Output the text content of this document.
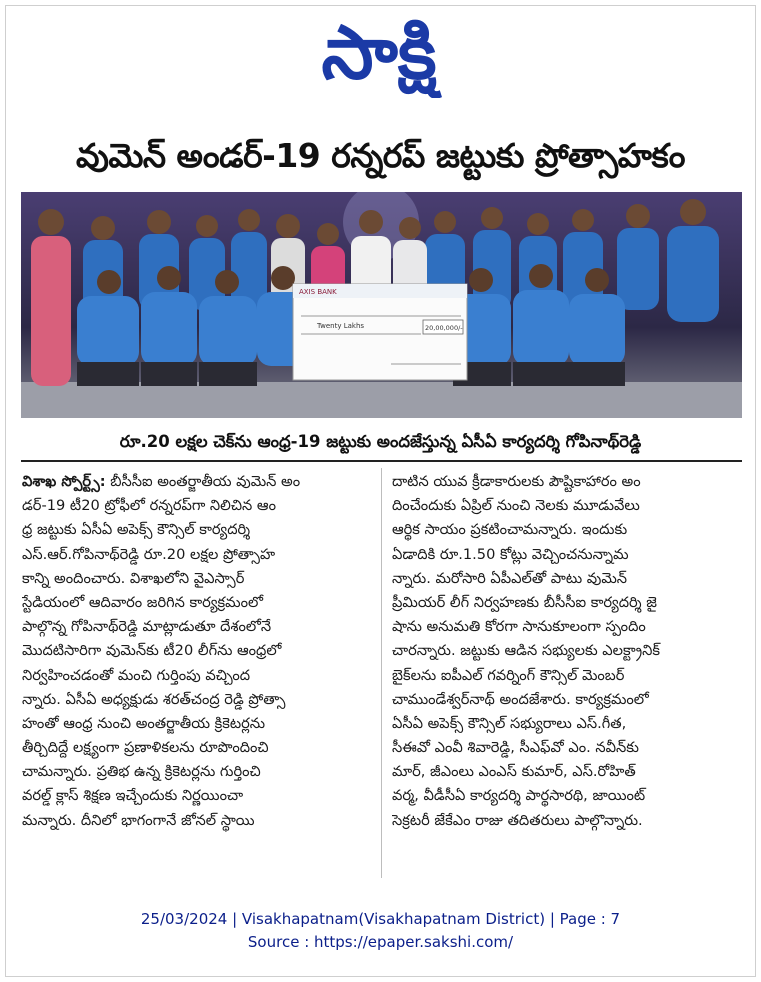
సాక్షి
వుమెన్ అండర్-19 రన్నరప్ జట్టుకు ప్రోత్సాహకం
AXIS BANK
Twenty Lakhs	20,00,000/-
రూ.20 లక్షల చెక్‌ను ఆంధ్ర-19 జట్టుకు అందజేస్తున్న ఏసీఏ కార్యదర్శి గోపినాథ్‌రెడ్డి
విశాఖ స్పోర్ట్స్: బీసీసీఐ అంతర్జాతీయ వుమెన్ అం
డర్-19 టీ20 ట్రోఫీలో రన్నరప్‌గా నిలిచిన ఆం
ధ్ర జట్టుకు ఏసీఏ అపెక్స్ కౌన్సిల్ కార్యదర్శి
ఎస్.ఆర్.గోపినాథ్‌రెడ్డి రూ.20 లక్షల ప్రోత్సాహ
కాన్ని అందించారు. విశాఖలోని వైఎస్సార్
స్టేడియంలో ఆదివారం జరిగిన కార్యక్రమంలో
పాల్గొన్న గోపినాథ్‌రెడ్డి మాట్లాడుతూ దేశంలోనే
మొదటిసారిగా వుమెన్‌కు టీ20 లీగ్‌ను ఆంధ్రలో
నిర్వహించడంతో మంచి గుర్తింపు వచ్చింద
న్నారు. ఏసీఏ అధ్యక్షుడు శరత్‌చంద్ర రెడ్డి ప్రోత్సా
హంతో ఆంధ్ర నుంచి అంతర్జాతీయ క్రికెటర్లను
తీర్చిదిద్దే లక్ష్యంగా ప్రణాళికలను రూపొందించి
చామన్నారు. ప్రతిభ ఉన్న క్రికెటర్లను గుర్తించి
వరల్డ్ క్లాస్ శిక్షణ ఇచ్చేందుకు నిర్ణయించా
మన్నారు. దీనిలో భాగంగానే జోనల్ స్థాయి
దాటిన యువ క్రీడాకారులకు పౌష్టికాహారం అం
దించేందుకు ఏప్రిల్ నుంచి నెలకు మూడువేలు
ఆర్థిక సాయం ప్రకటించామన్నారు. ఇందుకు
ఏడాదికి రూ.1.50 కోట్లు వెచ్చించనున్నామ
న్నారు. మరోసారి ఏపీఎల్‌తో పాటు వుమెన్
ప్రీమియర్ లీగ్ నిర్వహణకు బీసీసీఐ కార్యదర్శి జై
షాను అనుమతి కోరగా సానుకూలంగా స్పందిం
చారన్నారు. జట్టుకు ఆడిన సభ్యులకు ఎలక్ట్రానిక్
బైక్‌లను ఐపీఎల్ గవర్నింగ్ కౌన్సిల్ మెంబర్
చాముండేశ్వర్‌నాథ్ అందజేశారు. కార్యక్రమంలో
ఏసీఏ అపెక్స్ కౌన్సిల్ సభ్యురాలు ఎస్.గీత,
సీఈవో ఎంవీ శివారెడ్డి, సీఎఫ్‌వో ఎం. నవీన్‌కు
మార్, జీఎంలు ఎంఎస్ కుమార్, ఎస్.రోహిత్
వర్మ, వీడీసీఏ కార్యదర్శి పార్థసారథి, జాయింట్
సెక్రటరీ జేకేఎం రాజు తదితరులు పాల్గొన్నారు.
25/03/2024 | Visakhapatnam(Visakhapatnam District) | Page : 7
Source : https://epaper.sakshi.com/
